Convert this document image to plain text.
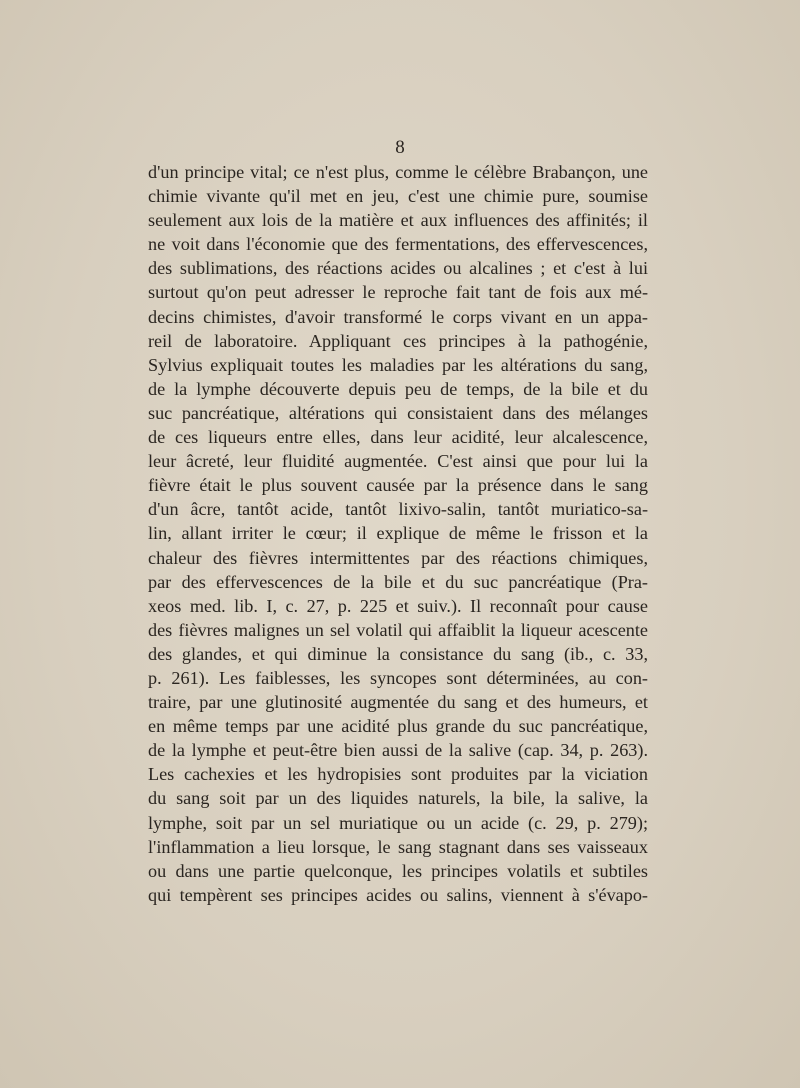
8
d'un principe vital; ce n'est plus, comme le célèbre Brabançon, une
chimie vivante qu'il met en jeu, c'est une chimie pure, soumise
seulement aux lois de la matière et aux influences des affinités; il
ne voit dans l'économie que des fermentations, des effervescences,
des sublimations, des réactions acides ou alcalines ; et c'est à lui
surtout qu'on peut adresser le reproche fait tant de fois aux mé-
decins chimistes, d'avoir transformé le corps vivant en un appa-
reil de laboratoire. Appliquant ces principes à la pathogénie,
Sylvius expliquait toutes les maladies par les altérations du sang,
de la lymphe découverte depuis peu de temps, de la bile et du
suc pancréatique, altérations qui consistaient dans des mélanges
de ces liqueurs entre elles, dans leur acidité, leur alcalescence,
leur âcreté, leur fluidité augmentée. C'est ainsi que pour lui la
fièvre était le plus souvent causée par la présence dans le sang
d'un âcre, tantôt acide, tantôt lixivo-salin, tantôt muriatico-sa-
lin, allant irriter le cœur; il explique de même le frisson et la
chaleur des fièvres intermittentes par des réactions chimiques,
par des effervescences de la bile et du suc pancréatique (Pra-
xeos med. lib. I, c. 27, p. 225 et suiv.). Il reconnaît pour cause
des fièvres malignes un sel volatil qui affaiblit la liqueur acescente
des glandes, et qui diminue la consistance du sang (ib., c. 33,
p. 261). Les faiblesses, les syncopes sont déterminées, au con-
traire, par une glutinosité augmentée du sang et des humeurs, et
en même temps par une acidité plus grande du suc pancréatique,
de la lymphe et peut-être bien aussi de la salive (cap. 34, p. 263).
Les cachexies et les hydropisies sont produites par la viciation
du sang soit par un des liquides naturels, la bile, la salive, la
lymphe, soit par un sel muriatique ou un acide (c. 29, p. 279);
l'inflammation a lieu lorsque, le sang stagnant dans ses vaisseaux
ou dans une partie quelconque, les principes volatils et subtiles
qui tempèrent ses principes acides ou salins, viennent à s'évapo-
